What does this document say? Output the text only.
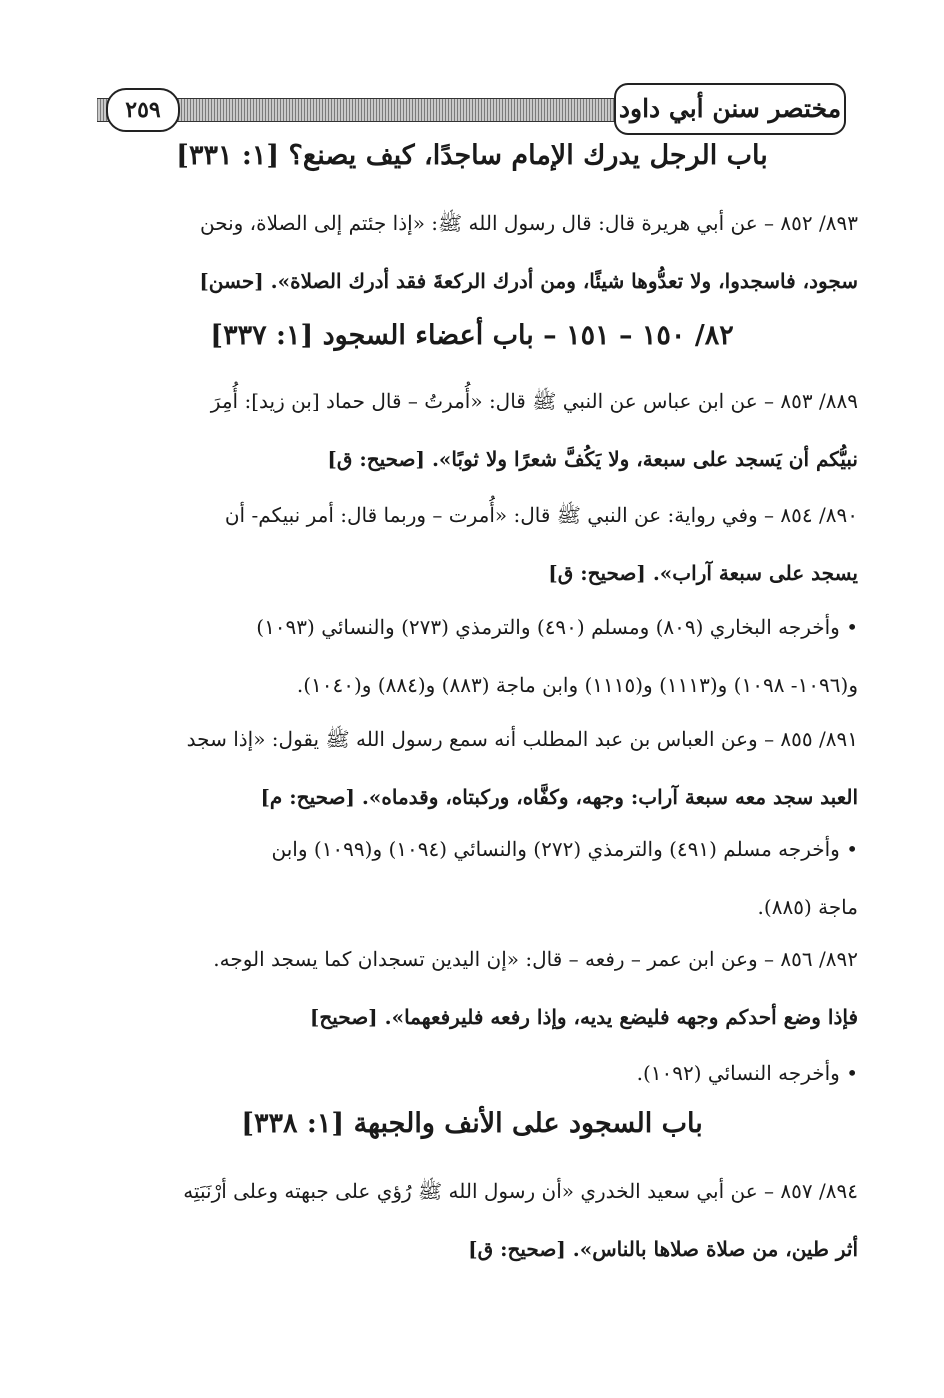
٢٥٩	مختصر سنن أبي داود
باب الرجل يدرك الإمام ساجدًا، كيف يصنع؟ [١: ٣٣١]
٨٩٣/ ٨٥٢ – عن أبي هريرة قال: قال رسول الله ﷺ: «إذا جئتم إلى الصلاة، ونحن
سجود، فاسجدوا، ولا تعدُّوها شيئًا، ومن أدرك الركعةَ فقد أدرك الصلاة». [حسن]
٨٢/ ١٥٠ – ١٥١ – باب أعضاء السجود [١: ٣٣٧]
٨٨٩/ ٨٥٣ – عن ابن عباس عن النبي ﷺ قال: «أُمرتُ – قال حماد [بن زيد]: أُمِرَ
نبيُّكم أن يَسجد على سبعة، ولا يَكُفَّ شعرًا ولا ثوبًا». [صحيح: ق]
٨٩٠/ ٨٥٤ – وفي رواية: عن النبي ﷺ قال: «أُمرت – وربما قال: أمر نبيكم- أن
يسجد على سبعة آراب». [صحيح: ق]
• وأخرجه البخاري (٨٠٩) ومسلم (٤٩٠) والترمذي (٢٧٣) والنسائي (١٠٩٣)
و(١٠٩٦- ١٠٩٨) و(١١١٣) و(١١١٥) وابن ماجة (٨٨٣) و(٨٨٤) و(١٠٤٠).
٨٩١/ ٨٥٥ – وعن العباس بن عبد المطلب أنه سمع رسول الله ﷺ يقول: «إذا سجد
العبد سجد معه سبعة آراب: وجهه، وكفَّاه، وركبتاه، وقدماه». [صحيح: م]
• وأخرجه مسلم (٤٩١) والترمذي (٢٧٢) والنسائي (١٠٩٤) و(١٠٩٩) وابن
ماجة (٨٨٥).
٨٩٢/ ٨٥٦ – وعن ابن عمر – رفعه – قال: «إن اليدين تسجدان كما يسجد الوجه.
فإذا وضع أحدكم وجهه فليضع يديه، وإذا رفعه فليرفعهما». [صحيح]
• وأخرجه النسائي (١٠٩٢).
باب السجود على الأنف والجبهة [١: ٣٣٨]
٨٩٤/ ٨٥٧ – عن أبي سعيد الخدري «أن رسول الله ﷺ رُؤي على جبهته وعلى أرْنَبَتِه
أثر طين، من صلاة صلاها بالناس». [صحيح: ق]
